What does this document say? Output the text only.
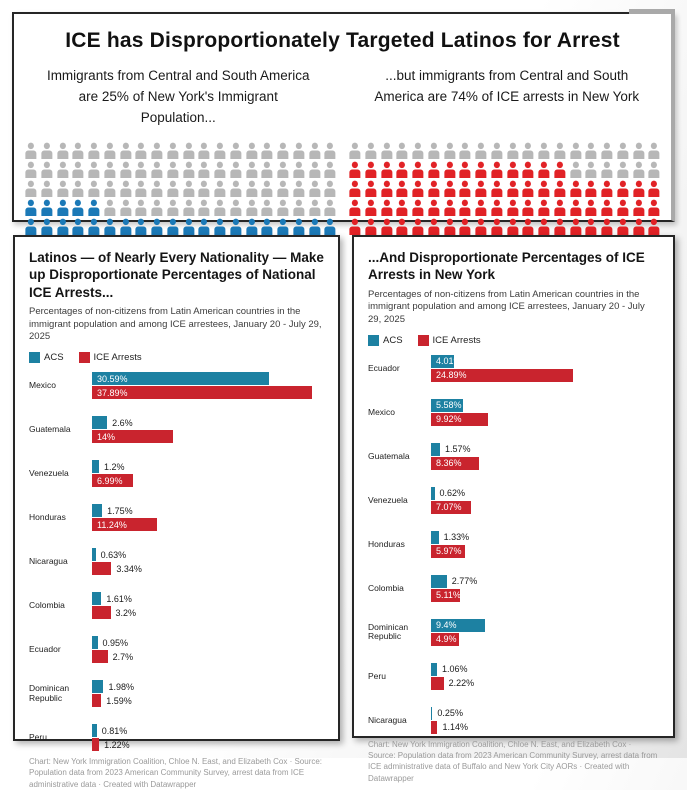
ICE has Disproportionately Targeted Latinos for Arrest
Immigrants from Central and South America are 25% of New York's Immigrant Population...
...but immigrants from Central and South America are 74% of ICE arrests in New York
Latinos — of Nearly Every Nationality — Make up Disproportionate Percentages of National ICE Arrests...
Percentages of non-citizens from Latin American countries in the immigrant population and among ICE arrestees, January 20 - July 29, 2025
ACS	ICE Arrests
Mexico
30.59%
37.89%
Guatemala
2.6%
14%
Venezuela
1.2%
6.99%
Honduras
1.75%
11.24%
Nicaragua
0.63%
3.34%
Colombia
1.61%
3.2%
Ecuador
0.95%
2.7%
Dominican Republic
1.98%
1.59%
Peru
0.81%
1.22%
Chart: New York Immigration Coalition, Chloe N. East, and Elizabeth Cox · Source: Population data from 2023 American Community Survey, arrest data from ICE administrative data · Created with Datawrapper
...And Disproportionate Percentages of ICE Arrests in New York
Percentages of non-citizens from Latin American countries in the immigrant population and among ICE arrestees, January 20 - July 29, 2025
ACS	ICE Arrests
Ecuador
4.01%
24.89%
Mexico
5.58%
9.92%
Guatemala
1.57%
8.36%
Venezuela
0.62%
7.07%
Honduras
1.33%
5.97%
Colombia
2.77%
5.11%
Dominican Republic
9.4%
4.9%
Peru
1.06%
2.22%
Nicaragua
0.25%
1.14%
Chart: New York Immigration Coalition, Chloe N. East, and Elizabeth Cox · Source: Population data from 2023 American Community Survey, arrest data from ICE administrative data of Buffalo and New York City AORs · Created with Datawrapper
